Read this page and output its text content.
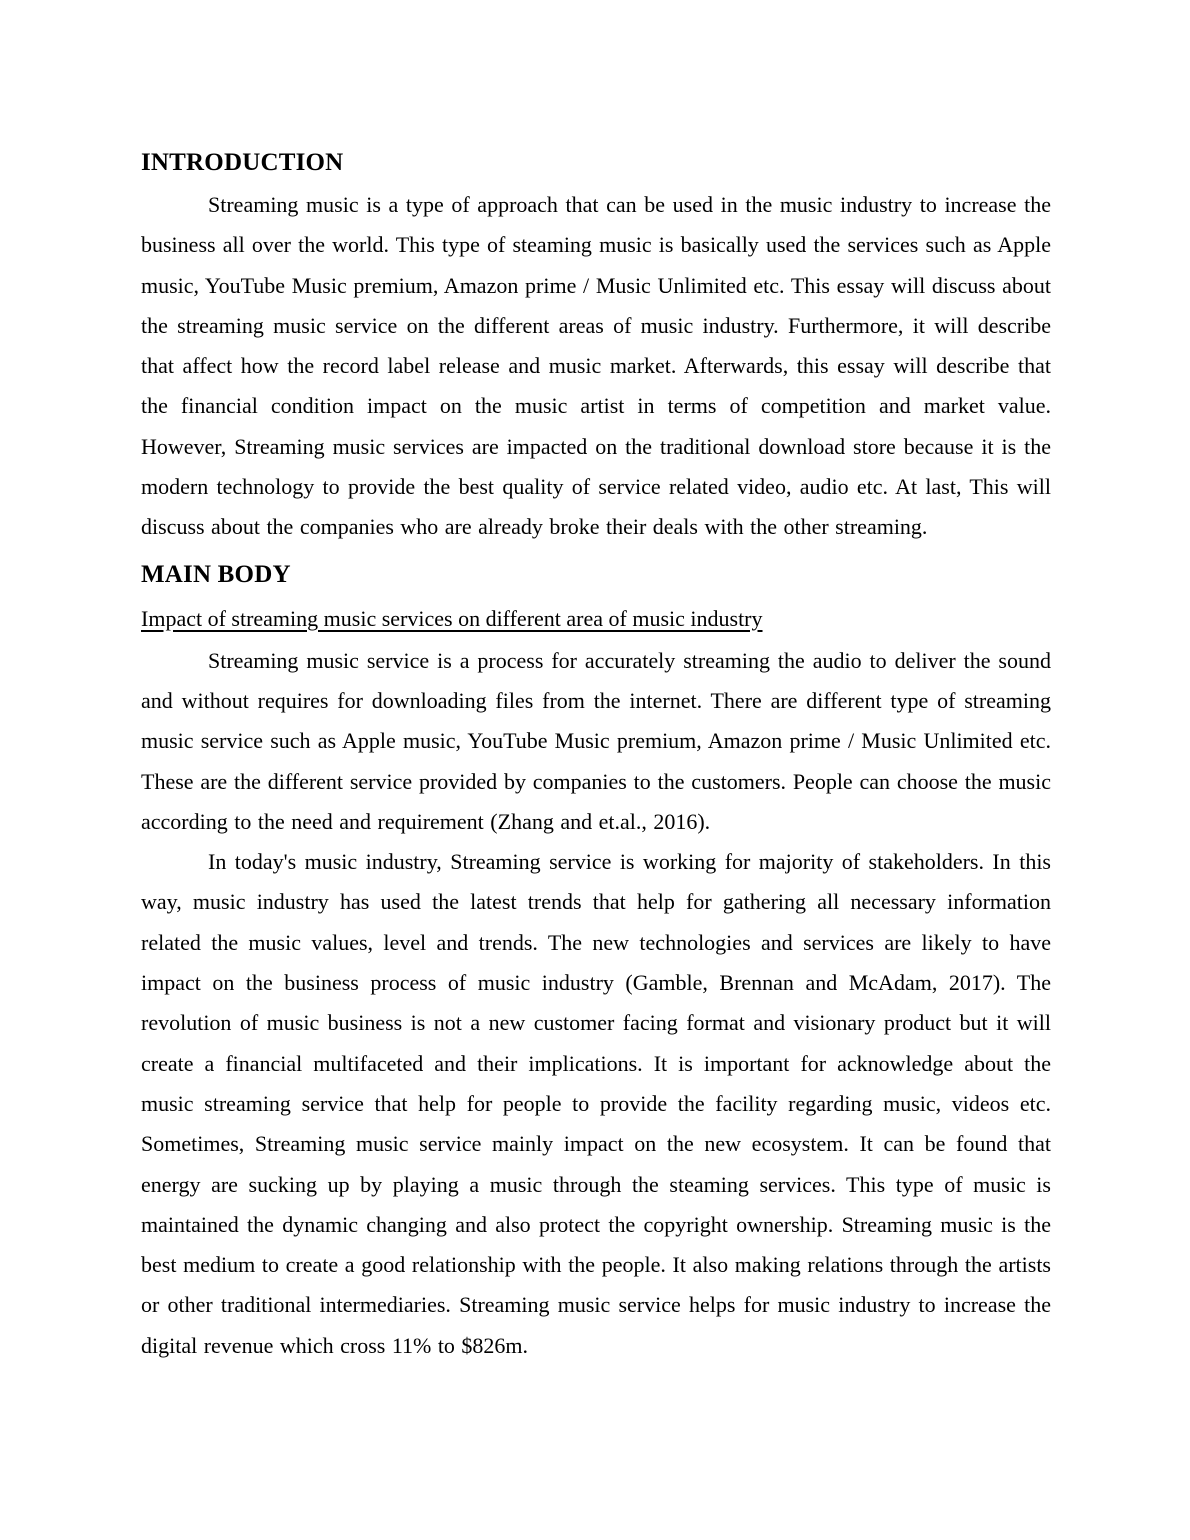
INTRODUCTION

Streaming music is a type of approach that can be used in the music industry to increase the business all over the world. This type of steaming music is basically used the services such as Apple music, YouTube Music premium, Amazon prime / Music Unlimited etc. This essay will discuss about the streaming music service on the different areas of music industry. Furthermore, it will describe that affect how the record label release and music market. Afterwards, this essay will describe that the financial condition impact on the music artist in terms of competition and market value. However, Streaming music services are impacted on the traditional download store because it is the modern technology to provide the best quality of service related video, audio etc. At last, This will discuss about the companies who are already broke their deals with the other streaming.

MAIN BODY
Impact of streaming music services on different area of music industry

Streaming music service is a process for accurately streaming the audio to deliver the sound and without requires for downloading files from the internet. There are different type of streaming music service such as Apple music, YouTube Music premium, Amazon prime / Music Unlimited etc. These are the different service provided by companies to the customers. People can choose the music according to the need and requirement (Zhang and et.al., 2016).

In today's music industry, Streaming service is working for majority of stakeholders. In this way, music industry has used the latest trends that help for gathering all necessary information related the music values, level and trends. The new technologies and services are likely to have impact on the business process of music industry (Gamble, Brennan and McAdam, 2017). The revolution of music business is not a new customer facing format and visionary product but it will create a financial multifaceted and their implications. It is important for acknowledge about the music streaming service that help for people to provide the facility regarding music, videos etc. Sometimes, Streaming music service mainly impact on the new ecosystem. It can be found that energy are sucking up by playing a music through the steaming services. This type of music is maintained the dynamic changing and also protect the copyright ownership. Streaming music is the best medium to create a good relationship with the people. It also making relations through the artists or other traditional intermediaries. Streaming music service helps for music industry to increase the digital revenue which cross 11% to $826m.
